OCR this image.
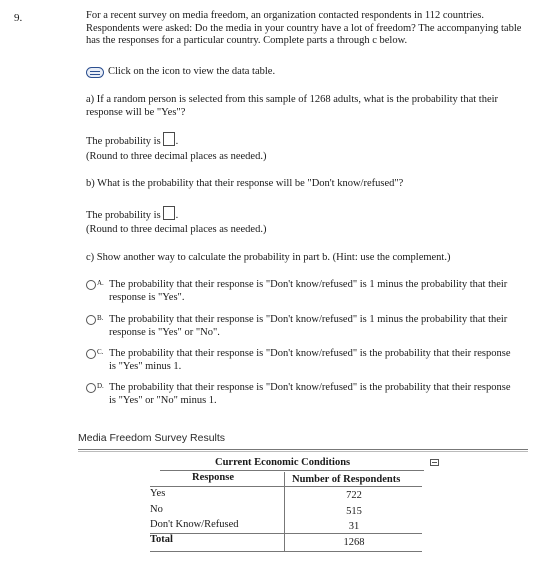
9.	For a recent survey on media freedom, an organization contacted respondents in 112 countries. Respondents were asked: Do the media in your country have a lot of freedom? The accompanying table has the responses for a particular country. Complete parts a through c below.
Click on the icon to view the data table.
a) If a random person is selected from this sample of 1268 adults, what is the probability that their response will be "Yes"?
The probability is .
(Round to three decimal places as needed.)
b) What is the probability that their response will be "Don't know/refused"?
The probability is .
(Round to three decimal places as needed.)
c) Show another way to calculate the probability in part b. (Hint: use the complement.)
A. The probability that their response is "Don't know/refused" is 1 minus the probability that their response is "Yes".
B. The probability that their response is "Don't know/refused" is 1 minus the probability that their response is "Yes" or "No".
C. The probability that their response is "Don't know/refused" is the probability that their response is "Yes" minus 1.
D. The probability that their response is "Don't know/refused" is the probability that their response is "Yes" or "No" minus 1.
Media Freedom Survey Results
Current Economic Conditions
Response	Number of Respondents
Yes	722
No	515
Don't Know/Refused	31
Total	1268
